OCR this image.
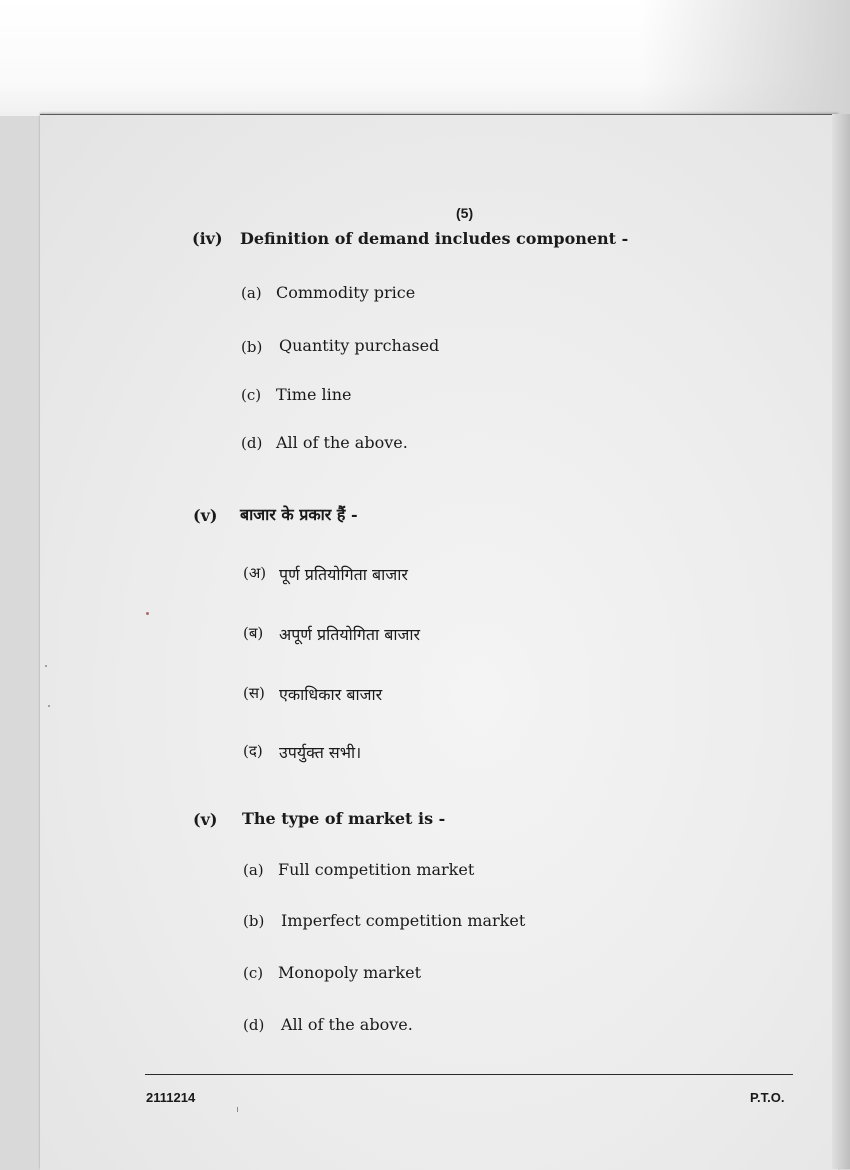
(5)
(iv) Definition of demand includes component -
(a) Commodity price
(b) Quantity purchased
(c) Time line
(d) All of the above.
(v) बाजार के प्रकार हैं -
(अ) पूर्ण प्रतियोगिता बाजार
(ब) अपूर्ण प्रतियोगिता बाजार
(स) एकाधिकार बाजार
(द) उपर्युक्त सभी।
(v) The type of market is -
(a) Full competition market
(b) Imperfect competition market
(c) Monopoly market
(d) All of the above.
2111214	P.T.O.
